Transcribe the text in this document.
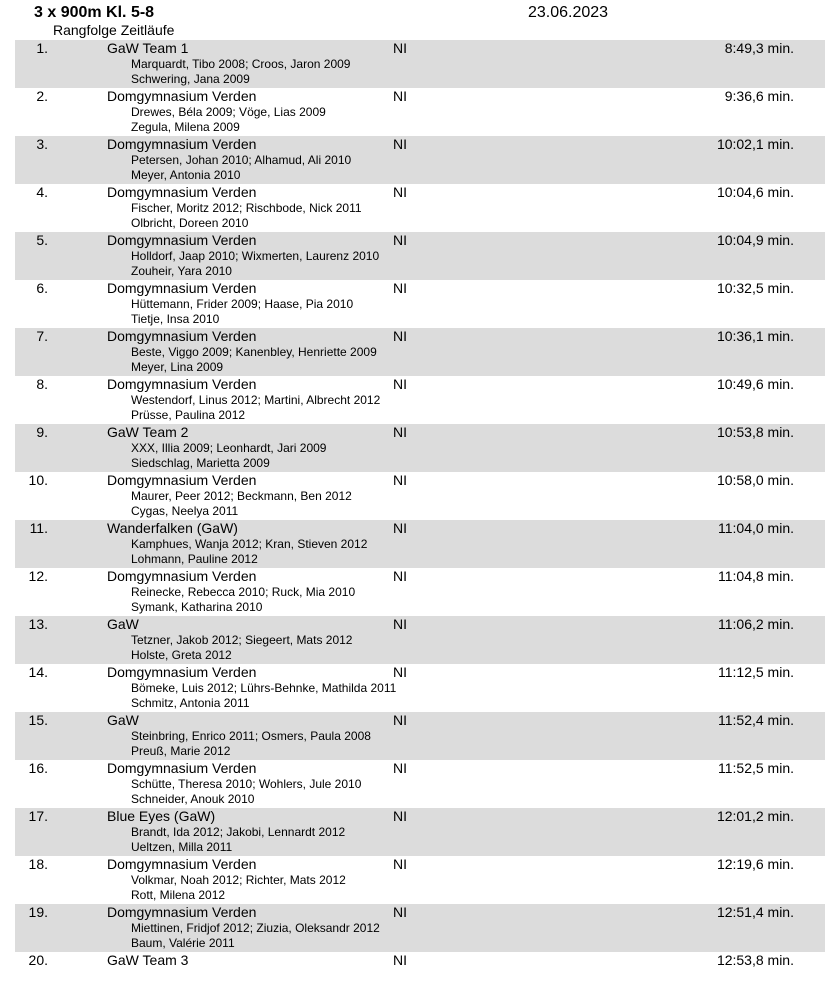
3 x 900m Kl. 5-8	23.06.2023
Rangfolge Zeitläufe
1.	GaW Team 1	NI	8:49,3 min.
Marquardt, Tibo 2008; Croos, Jaron 2009
Schwering, Jana 2009
2.	Domgymnasium Verden	NI	9:36,6 min.
Drewes, Béla 2009; Vöge, Lias 2009
Zegula, Milena 2009
3.	Domgymnasium Verden	NI	10:02,1 min.
Petersen, Johan 2010; Alhamud, Ali 2010
Meyer, Antonia 2010
4.	Domgymnasium Verden	NI	10:04,6 min.
Fischer, Moritz 2012; Rischbode, Nick 2011
Olbricht, Doreen 2010
5.	Domgymnasium Verden	NI	10:04,9 min.
Holldorf, Jaap 2010; Wixmerten, Laurenz 2010
Zouheir, Yara 2010
6.	Domgymnasium Verden	NI	10:32,5 min.
Hüttemann, Frider 2009; Haase, Pia 2010
Tietje, Insa 2010
7.	Domgymnasium Verden	NI	10:36,1 min.
Beste, Viggo 2009; Kanenbley, Henriette 2009
Meyer, Lina 2009
8.	Domgymnasium Verden	NI	10:49,6 min.
Westendorf, Linus 2012; Martini, Albrecht 2012
Prüsse, Paulina 2012
9.	GaW Team 2	NI	10:53,8 min.
XXX, Illia 2009; Leonhardt, Jari 2009
Siedschlag, Marietta 2009
10.	Domgymnasium Verden	NI	10:58,0 min.
Maurer, Peer 2012; Beckmann, Ben 2012
Cygas, Neelya 2011
11.	Wanderfalken (GaW)	NI	11:04,0 min.
Kamphues, Wanja 2012; Kran, Stieven 2012
Lohmann, Pauline 2012
12.	Domgymnasium Verden	NI	11:04,8 min.
Reinecke, Rebecca 2010; Ruck, Mia 2010
Symank, Katharina 2010
13.	GaW	NI	11:06,2 min.
Tetzner, Jakob 2012; Siegeert, Mats 2012
Holste, Greta 2012
14.	Domgymnasium Verden	NI	11:12,5 min.
Bömeke, Luis 2012; Lührs-Behnke, Mathilda 2011
Schmitz, Antonia 2011
15.	GaW	NI	11:52,4 min.
Steinbring, Enrico 2011; Osmers, Paula 2008
Preuß, Marie 2012
16.	Domgymnasium Verden	NI	11:52,5 min.
Schütte, Theresa 2010; Wohlers, Jule 2010
Schneider, Anouk 2010
17.	Blue Eyes (GaW)	NI	12:01,2 min.
Brandt, Ida 2012; Jakobi, Lennardt 2012
Ueltzen, Milla 2011
18.	Domgymnasium Verden	NI	12:19,6 min.
Volkmar, Noah 2012; Richter, Mats 2012
Rott, Milena 2012
19.	Domgymnasium Verden	NI	12:51,4 min.
Miettinen, Fridjof 2012; Ziuzia, Oleksandr 2012
Baum, Valérie 2011
20.	GaW Team 3	NI	12:53,8 min.
